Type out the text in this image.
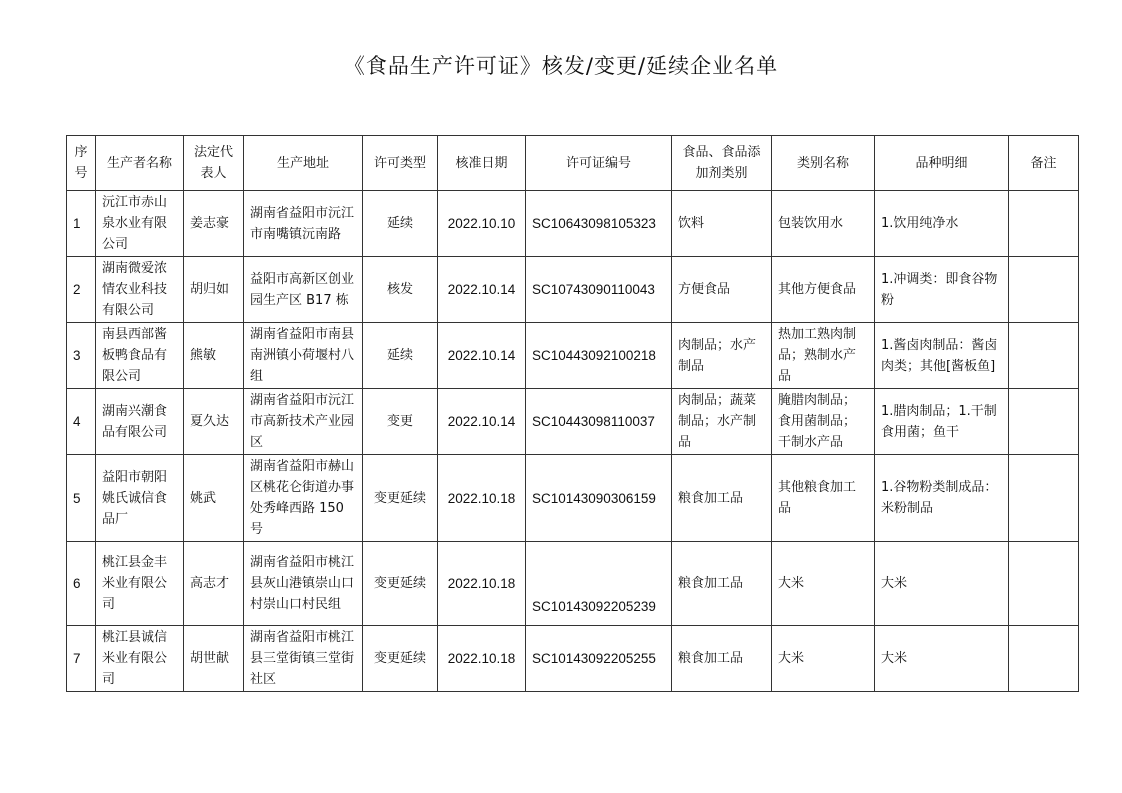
《食品生产许可证》核发/变更/延续企业名单
序号	生产者名称	法定代表人	生产地址	许可类型	核准日期	许可证编号	食品、食品添加剂类别	类别名称	品种明细	备注
1	沅江市赤山泉水业有限公司	姜志豪	湖南省益阳市沅江市南嘴镇沅南路	延续	2022.10.10	SC10643098105323	饮料	包装饮用水	1.饮用纯净水	
2	湖南微爱浓情农业科技有限公司	胡归如	益阳市高新区创业园生产区 B17 栋	核发	2022.10.14	SC10743090110043	方便食品	其他方便食品	1.冲调类：即食谷物粉	
3	南县西部酱板鸭食品有限公司	熊敏	湖南省益阳市南县南洲镇小荷堰村八组	延续	2022.10.14	SC10443092100218	肉制品；水产制品	热加工熟肉制品；熟制水产品	1.酱卤肉制品：酱卤肉类；其他[酱板鱼]	
4	湖南兴潮食品有限公司	夏久达	湖南省益阳市沅江市高新技术产业园区	变更	2022.10.14	SC10443098110037	肉制品；蔬菜制品；水产制品	腌腊肉制品；食用菌制品；干制水产品	1.腊肉制品；1.干制食用菌；鱼干	
5	益阳市朝阳姚氏诚信食品厂	姚武	湖南省益阳市赫山区桃花仑街道办事处秀峰西路 150 号	变更延续	2022.10.18	SC10143090306159	粮食加工品	其他粮食加工品	1.谷物粉类制成品：米粉制品	
6	桃江县金丰米业有限公司	高志才	湖南省益阳市桃江县灰山港镇崇山口村崇山口村民组	变更延续	2022.10.18	SC10143092205239	粮食加工品	大米	大米	
7	桃江县诚信米业有限公司	胡世献	湖南省益阳市桃江县三堂街镇三堂街社区	变更延续	2022.10.18	SC10143092205255	粮食加工品	大米	大米	
